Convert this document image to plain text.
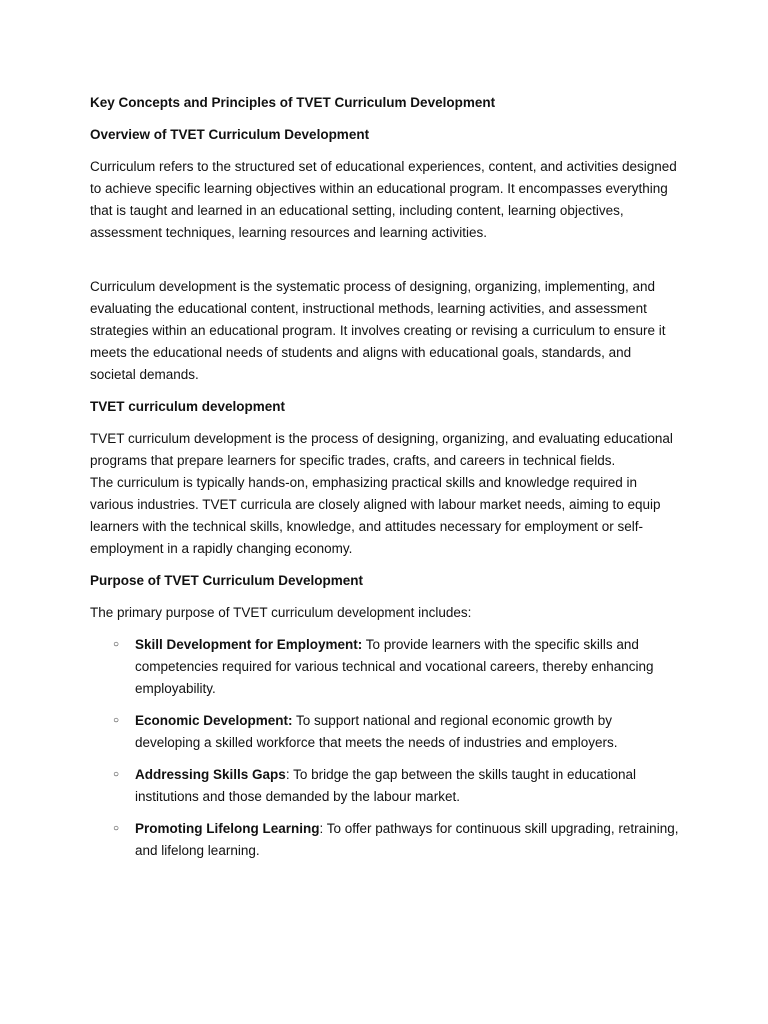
Key Concepts and Principles of TVET Curriculum Development

Overview of TVET Curriculum Development

Curriculum refers to the structured set of educational experiences, content, and activities designed to achieve specific learning objectives within an educational program. It encompasses everything that is taught and learned in an educational setting, including content, learning objectives, assessment techniques, learning resources and learning activities.

Curriculum development is the systematic process of designing, organizing, implementing, and evaluating the educational content, instructional methods, learning activities, and assessment strategies within an educational program. It involves creating or revising a curriculum to ensure it meets the educational needs of students and aligns with educational goals, standards, and societal demands.

TVET curriculum development

TVET curriculum development is the process of designing, organizing, and evaluating educational programs that prepare learners for specific trades, crafts, and careers in technical fields.
The curriculum is typically hands-on, emphasizing practical skills and knowledge required in various industries. TVET curricula are closely aligned with labour market needs, aiming to equip learners with the technical skills, knowledge, and attitudes necessary for employment or self-employment in a rapidly changing economy.

Purpose of TVET Curriculum Development

The primary purpose of TVET curriculum development includes:

○ Skill Development for Employment: To provide learners with the specific skills and competencies required for various technical and vocational careers, thereby enhancing employability.
○ Economic Development: To support national and regional economic growth by developing a skilled workforce that meets the needs of industries and employers.
○ Addressing Skills Gaps: To bridge the gap between the skills taught in educational institutions and those demanded by the labour market.
○ Promoting Lifelong Learning: To offer pathways for continuous skill upgrading, retraining, and lifelong learning.
